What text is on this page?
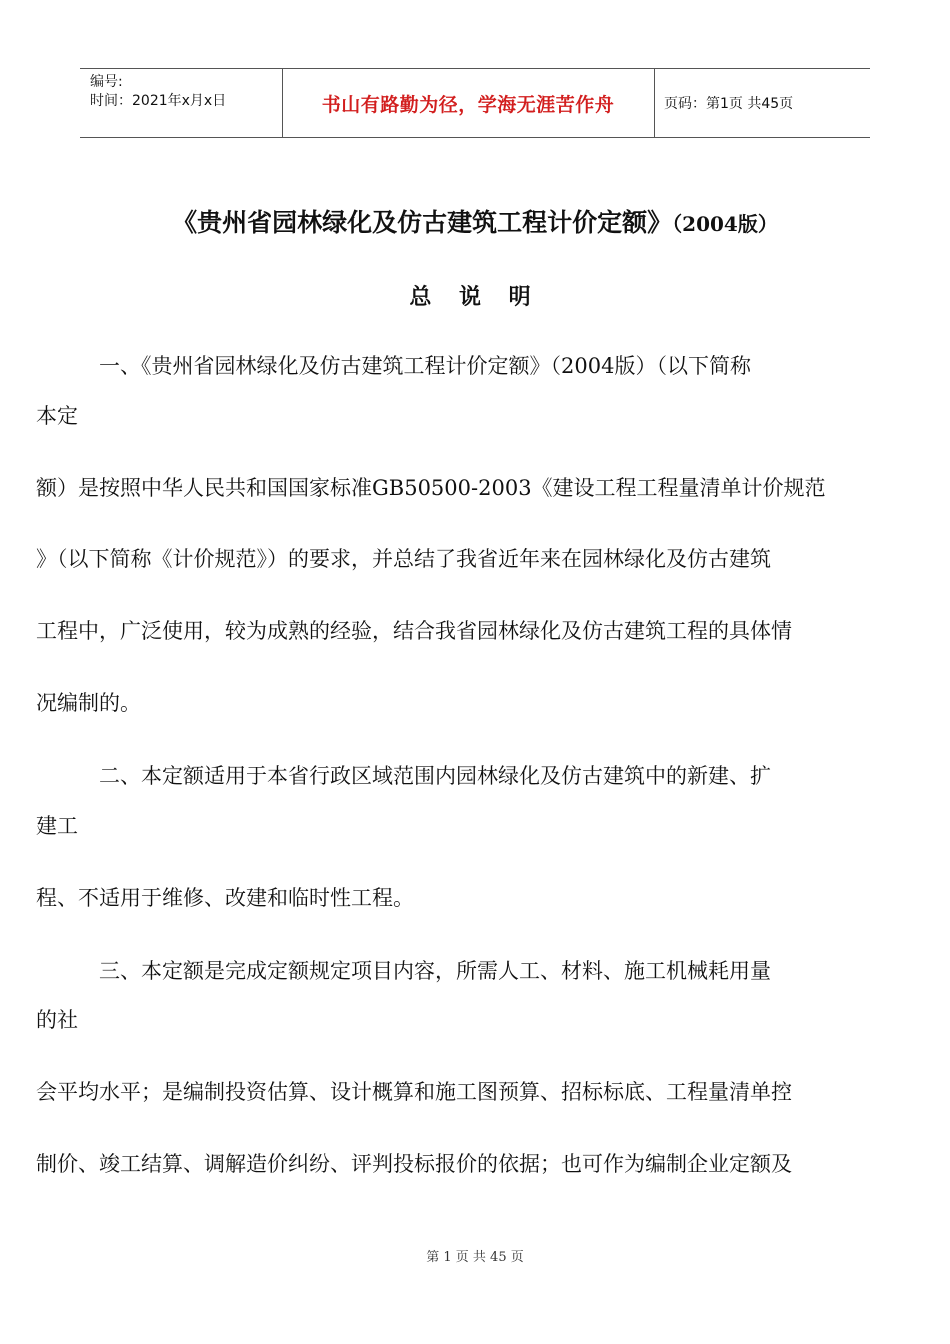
编号:
时间：2021年x月x日	书山有路勤为径，学海无涯苦作舟	页码：第1页 共45页
《贵州省园林绿化及仿古建筑工程计价定额》（2004版）
总 说 明
　　　一、《贵州省园林绿化及仿古建筑工程计价定额》（2004版）（以下简称
本定
额）是按照中华人民共和国国家标准GB50500-2003《建设工程工程量清单计价规范
》（以下简称《计价规范》）的要求，并总结了我省近年来在园林绿化及仿古建筑
工程中，广泛使用，较为成熟的经验，结合我省园林绿化及仿古建筑工程的具体情
况编制的。
　　　二、本定额适用于本省行政区域范围内园林绿化及仿古建筑中的新建、扩
建工
程、不适用于维修、改建和临时性工程。
　　　三、本定额是完成定额规定项目内容，所需人工、材料、施工机械耗用量
的社
会平均水平；是编制投资估算、设计概算和施工图预算、招标标底、工程量清单控
制价、竣工结算、调解造价纠纷、评判投标报价的依据；也可作为编制企业定额及
第 1 页 共 45 页
